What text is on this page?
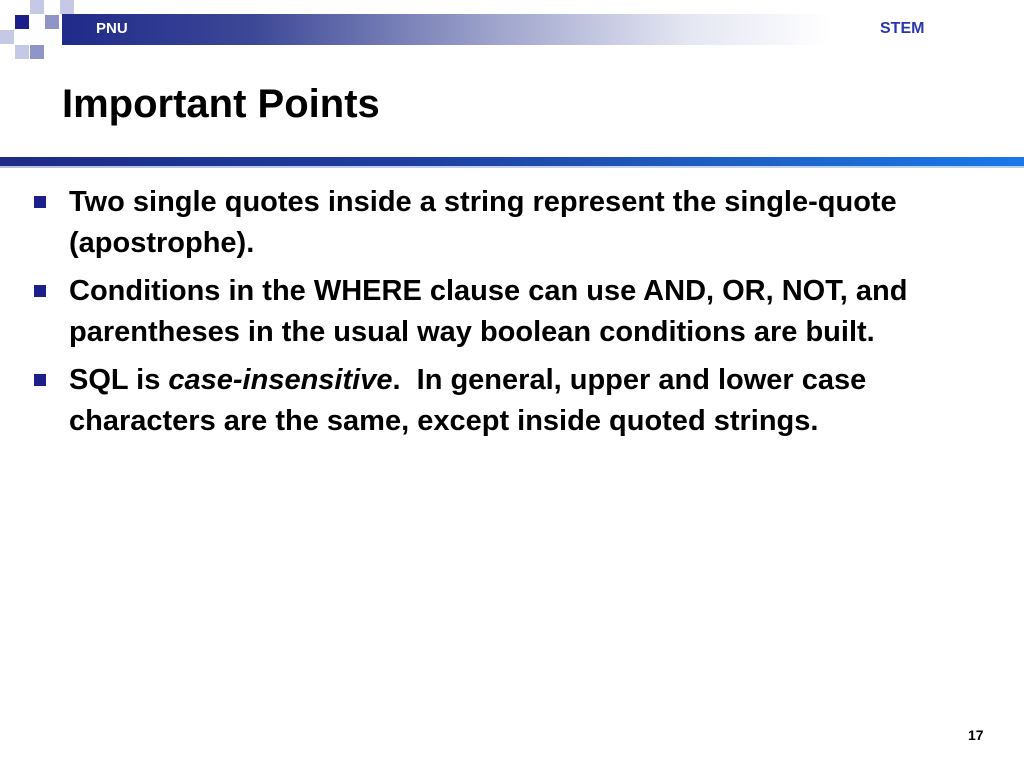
PNU	STEM
Important Points
Two single quotes inside a string represent the single-quote (apostrophe).
Conditions in the WHERE clause can use AND, OR, NOT, and parentheses in the usual way boolean conditions are built.
SQL is case-insensitive.  In general, upper and lower case characters are the same, except inside quoted strings.
17
